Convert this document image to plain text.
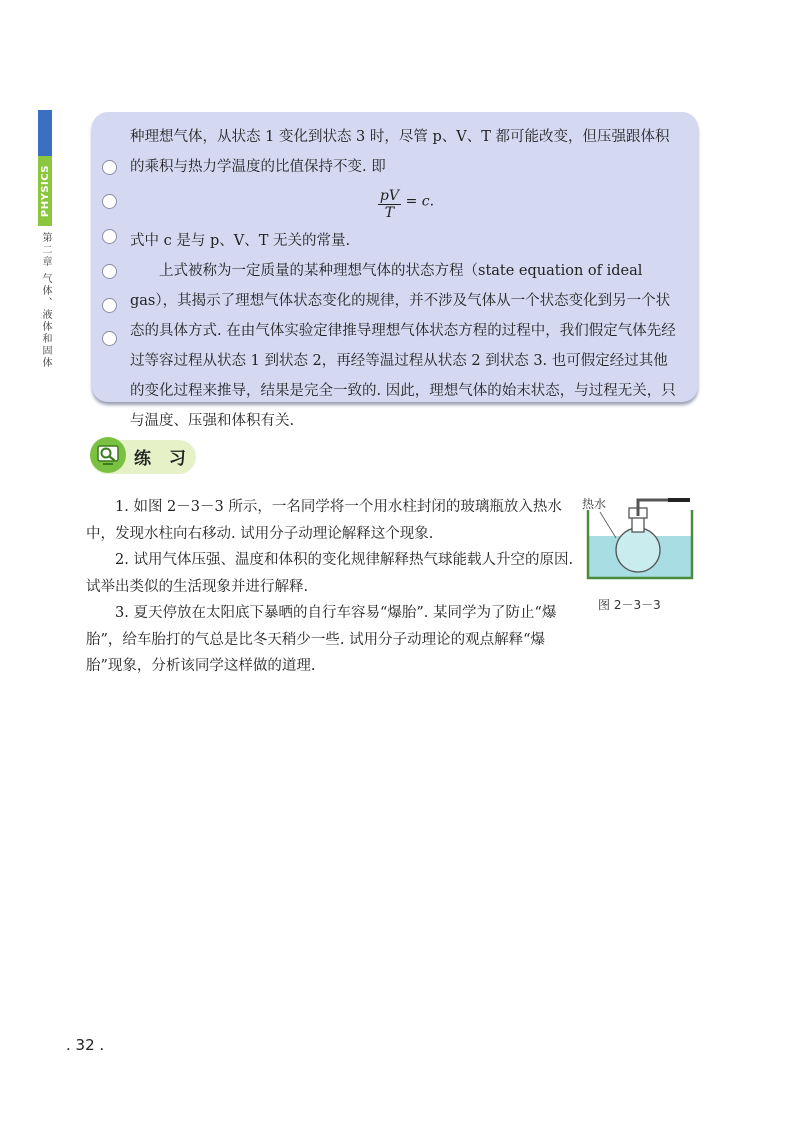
PHYSICS
第二章 气体、液体和固体

种理想气体，从状态 1 变化到状态 3 时，尽管 p、V、T 都可能改变，但压强跟体积的乘积与热力学温度的比值保持不变. 即

$\frac{pV}{T} = c$.

式中 c 是与 p、V、T 无关的常量.

上式被称为一定质量的某种理想气体的状态方程（state equation of ideal gas），其揭示了理想气体状态变化的规律，并不涉及气体从一个状态变化到另一个状态的具体方式. 在由气体实验定律推导理想气体状态方程的过程中，我们假定气体先经过等容过程从状态 1 到状态 2，再经等温过程从状态 2 到状态 3. 也可假定经过其他的变化过程来推导，结果是完全一致的. 因此，理想气体的始末状态，与过程无关，只与温度、压强和体积有关.

练 习

1. 如图 2－3－3 所示，一名同学将一个用水柱封闭的玻璃瓶放入热水中，发现水柱向右移动. 试用分子动理论解释这个现象.

2. 试用气体压强、温度和体积的变化规律解释热气球能载人升空的原因. 试举出类似的生活现象并进行解释.

3. 夏天停放在太阳底下暴晒的自行车容易“爆胎”. 某同学为了防止“爆胎”，给车胎打的气总是比冬天稍少一些. 试用分子动理论的观点解释“爆胎”现象，分析该同学这样做的道理.

热水
图 2－3－3
. 32 .
